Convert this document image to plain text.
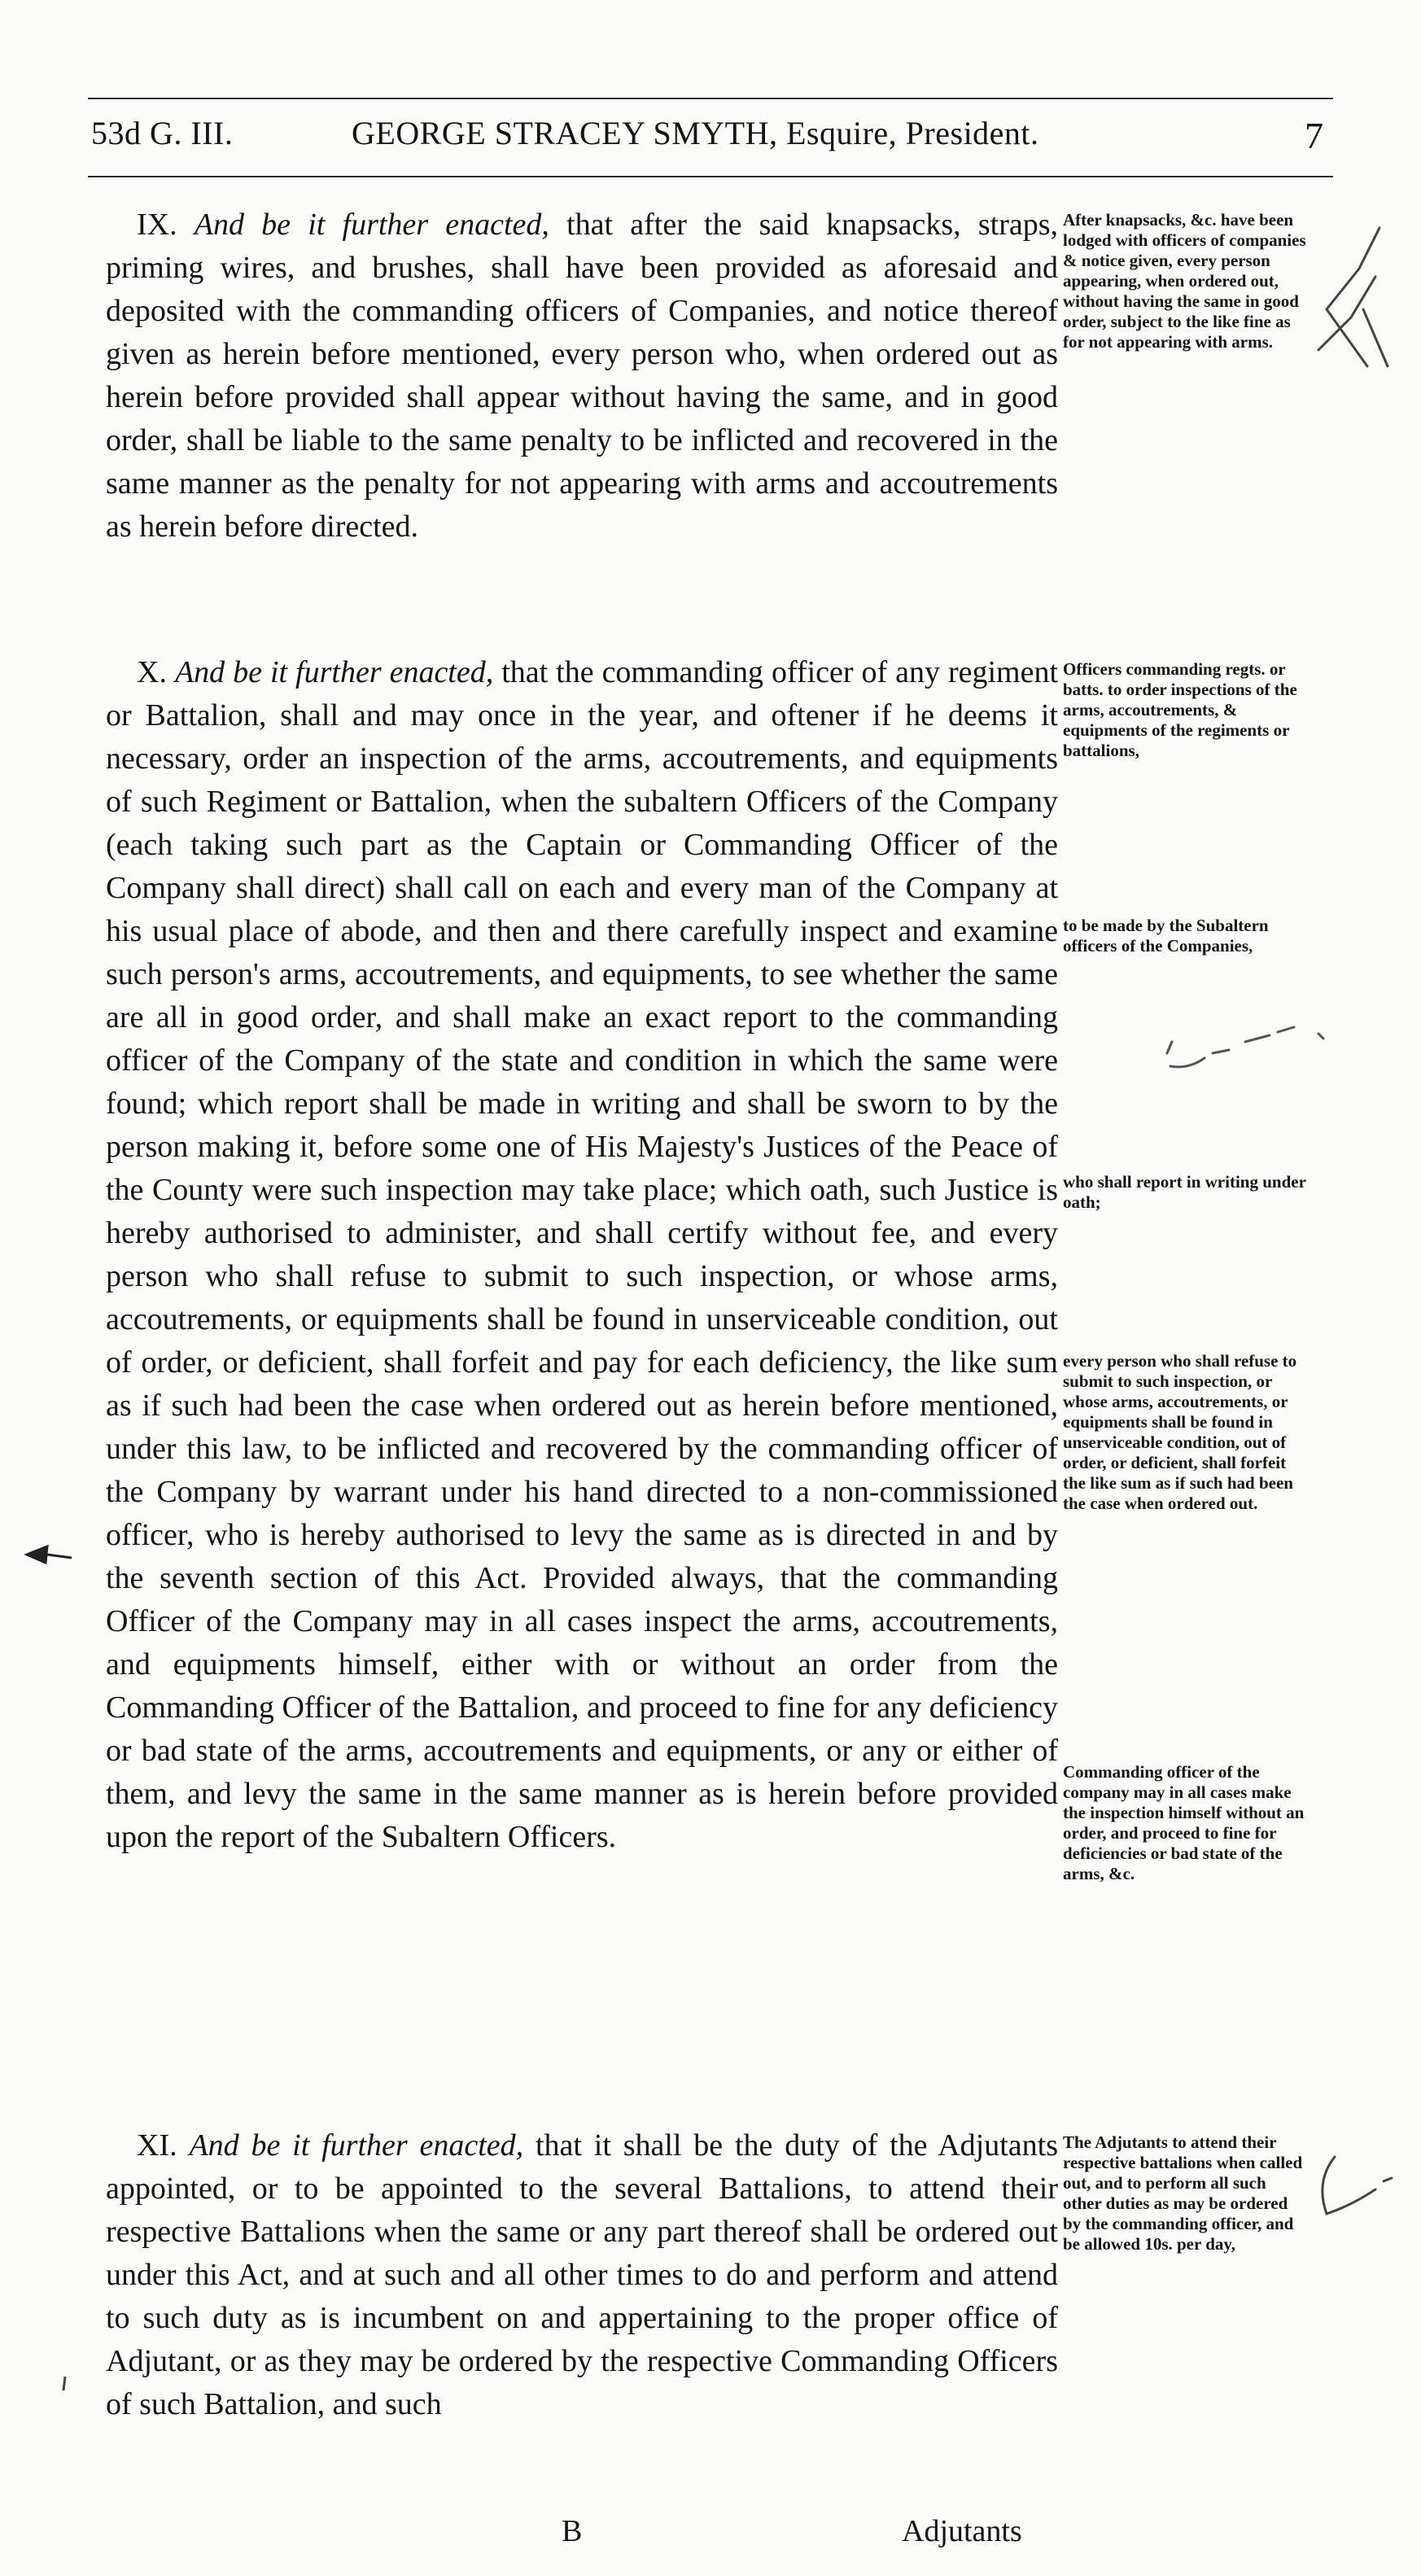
53d G. III.	GEORGE STRACEY SMYTH, Esquire, President.	7

 IX. And be it further enacted, that after the said knapsacks, straps, priming wires, and brushes, shall have been provided as aforesaid and deposited with the commanding officers of Companies, and notice thereof given as herein before mentioned, every person who, when ordered out as herein before provided shall appear without having the same, and in good order, shall be liable to the same penalty to be inflicted and recovered in the same manner as the penalty for not appearing with arms and accoutrements as herein before directed.

After knapsacks, &c. have been lodged with officers of companies & notice given, every person appearing, when ordered out, without having the same in good order, subject to the like fine as for not appearing with arms.

 X. And be it further enacted, that the commanding officer of any regiment or Battalion, shall and may once in the year, and oftener if he deems it necessary, order an inspection of the arms, accoutrements, and equipments of such Regiment or Battalion, when the subaltern Officers of the Company (each taking such part as the Captain or Commanding Officer of the Company shall direct) shall call on each and every man of the Company at his usual place of abode, and then and there carefully inspect and examine such person's arms, accoutrements, and equipments, to see whether the same are all in good order, and shall make an exact report to the commanding officer of the Company of the state and condition in which the same were found; which report shall be made in writing and shall be sworn to by the person making it, before some one of His Majesty's Justices of the Peace of the County were such inspection may take place; which oath, such Justice is hereby authorised to administer, and shall certify without fee, and every person who shall refuse to submit to such inspection, or whose arms, accoutrements, or equipments shall be found in unserviceable condition, out of order, or deficient, shall forfeit and pay for each deficiency, the like sum as if such had been the case when ordered out as herein before mentioned, under this law, to be inflicted and recovered by the commanding officer of the Company by warrant under his hand directed to a non-commissioned officer, who is hereby authorised to levy the same as is directed in and by the seventh section of this Act. Provided always, that the commanding Officer of the Company may in all cases inspect the arms, accoutrements, and equipments himself, either with or without an order from the Commanding Officer of the Battalion, and proceed to fine for any deficiency or bad state of the arms, accoutrements and equipments, or any or either of them, and levy the same in the same manner as is herein before provided upon the report of the Subaltern Officers.

Officers commanding regts. or batts. to order inspections of the arms, accoutrements, & equipments of the regiments or battalions,
to be made by the Subaltern officers of the Companies,
who shall report in writing under oath;
every person who shall refuse to submit to such inspection, or whose arms, accoutrements, or equipments shall be found in unserviceable condition, out of order, or deficient, shall forfeit the like sum as if such had been the case when ordered out.
Commanding officer of the company may in all cases make the inspection himself without an order, and proceed to fine for deficiencies or bad state of the arms, &c.

 XI. And be it further enacted, that it shall be the duty of the Adjutants appointed, or to be appointed to the several Battalions, to attend their respective Battalions when the same or any part thereof shall be ordered out under this Act, and at such and all other times to do and perform and attend to such duty as is incumbent on and appertaining to the proper office of Adjutant, or as they may be ordered by the respective Commanding Officers of such Battalion, and such

The Adjutants to attend their respective battalions when called out, and to perform all such other duties as may be ordered by the commanding officer, and be allowed 10s. per day,
B	Adjutants
